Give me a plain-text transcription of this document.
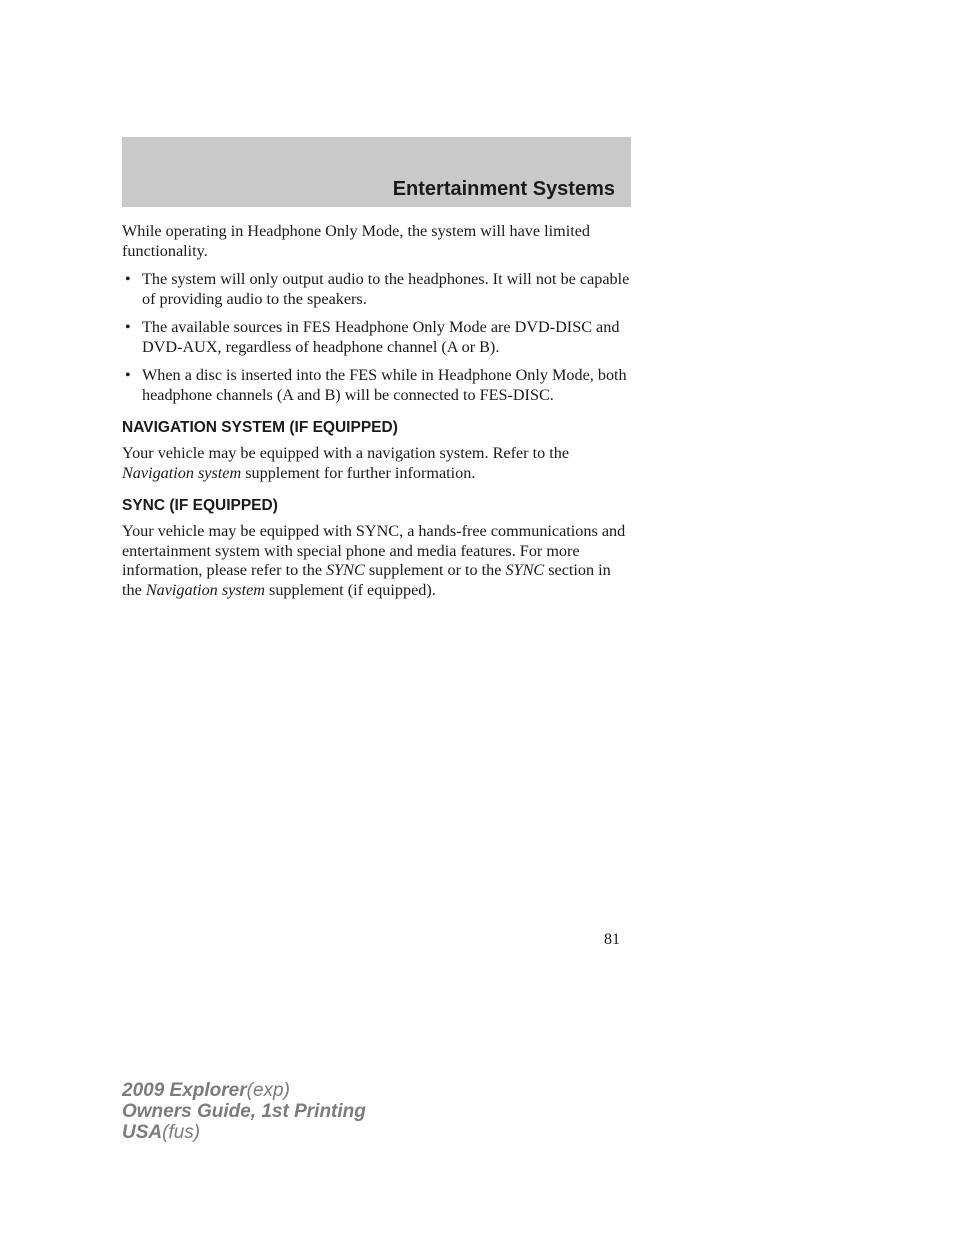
Entertainment Systems

While operating in Headphone Only Mode, the system will have limited functionality.

• The system will only output audio to the headphones. It will not be capable of providing audio to the speakers.
• The available sources in FES Headphone Only Mode are DVD-DISC and DVD-AUX, regardless of headphone channel (A or B).
• When a disc is inserted into the FES while in Headphone Only Mode, both headphone channels (A and B) will be connected to FES-DISC.
NAVIGATION SYSTEM (IF EQUIPPED)

Your vehicle may be equipped with a navigation system. Refer to the Navigation system supplement for further information.

SYNC (IF EQUIPPED)

Your vehicle may be equipped with SYNC, a hands-free communications and entertainment system with special phone and media features. For more information, please refer to the SYNC supplement or to the SYNC section in the Navigation system supplement (if equipped).

81
2009 Explorer(exp)
Owners Guide, 1st Printing
USA(fus)
